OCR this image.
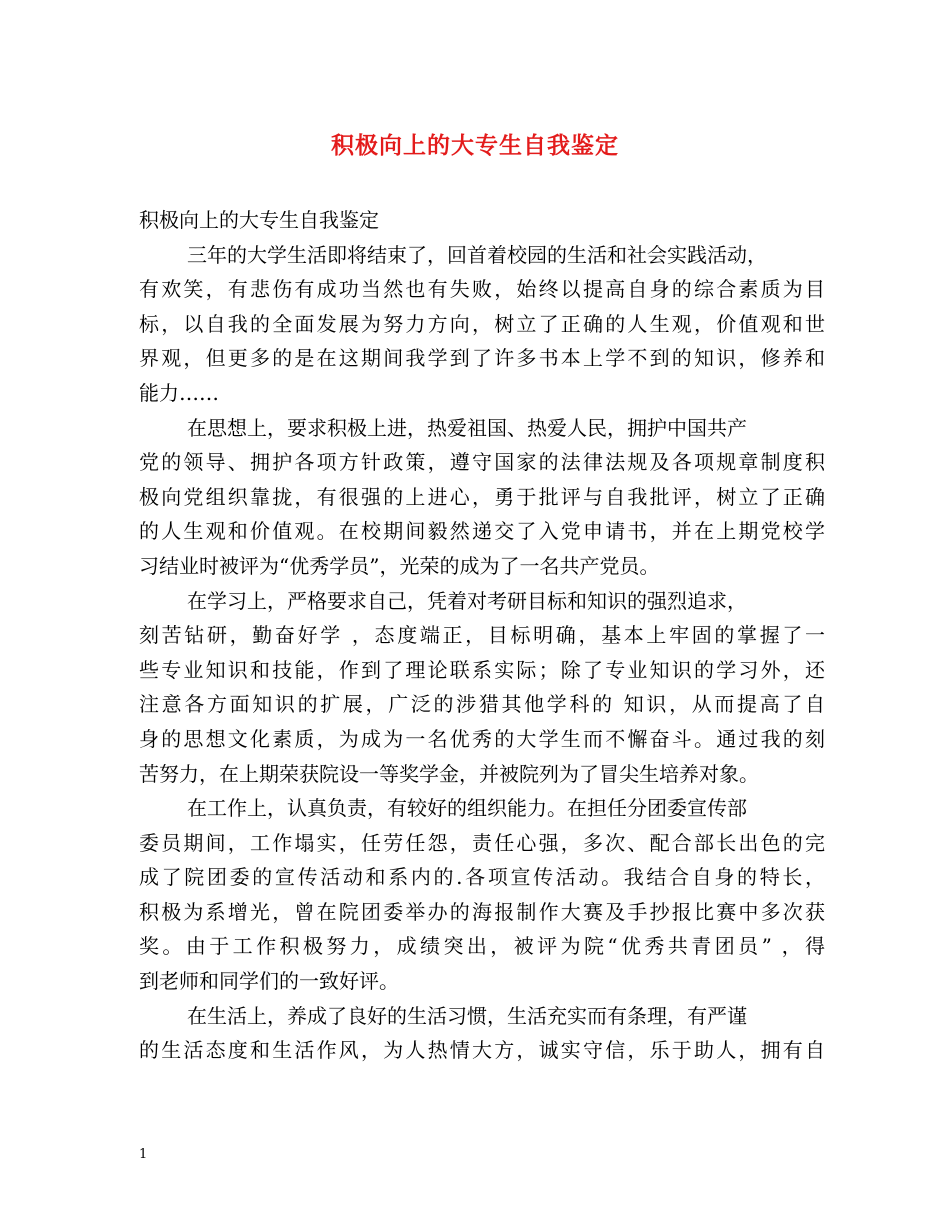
积极向上的大专生自我鉴定
积极向上的大专生自我鉴定
三年的大学生活即将结束了，回首着校园的生活和社会实践活动，
有欢笑，有悲伤有成功当然也有失败，始终以提高自身的综合素质为目
标，以自我的全面发展为努力方向，树立了正确的人生观，价值观和世
界观，但更多的是在这期间我学到了许多书本上学不到的知识，修养和
能力……
在思想上，要求积极上进，热爱祖国、热爱人民，拥护中国共产
党的领导、拥护各项方针政策，遵守国家的法律法规及各项规章制度积
极向党组织靠拢，有很强的上进心，勇于批评与自我批评，树立了正确
的人生观和价值观。在校期间毅然递交了入党申请书，并在上期党校学
习结业时被评为“优秀学员”，光荣的成为了一名共产党员。
在学习上，严格要求自己，凭着对考研目标和知识的强烈追求，
刻苦钻研，勤奋好学 ，态度端正，目标明确，基本上牢固的掌握了一
些专业知识和技能，作到了理论联系实际；除了专业知识的学习外，还
注意各方面知识的扩展，广泛的涉猎其他学科的 知识，从而提高了自
身的思想文化素质，为成为一名优秀的大学生而不懈奋斗。通过我的刻
苦努力，在上期荣获院设一等奖学金，并被院列为了冒尖生培养对象。
在工作上，认真负责，有较好的组织能力。在担任分团委宣传部
委员期间，工作塌实，任劳任怨，责任心强，多次、配合部长出色的完
成了院团委的宣传活动和系内的.各项宣传活动。我结合自身的特长，
积极为系增光，曾在院团委举办的海报制作大赛及手抄报比赛中多次获
奖。由于工作积极努力，成绩突出，被评为院“优秀共青团员” ，得
到老师和同学们的一致好评。
在生活上，养成了良好的生活习惯，生活充实而有条理，有严谨
的生活态度和生活作风，为人热情大方，诚实守信，乐于助人，拥有自
1
